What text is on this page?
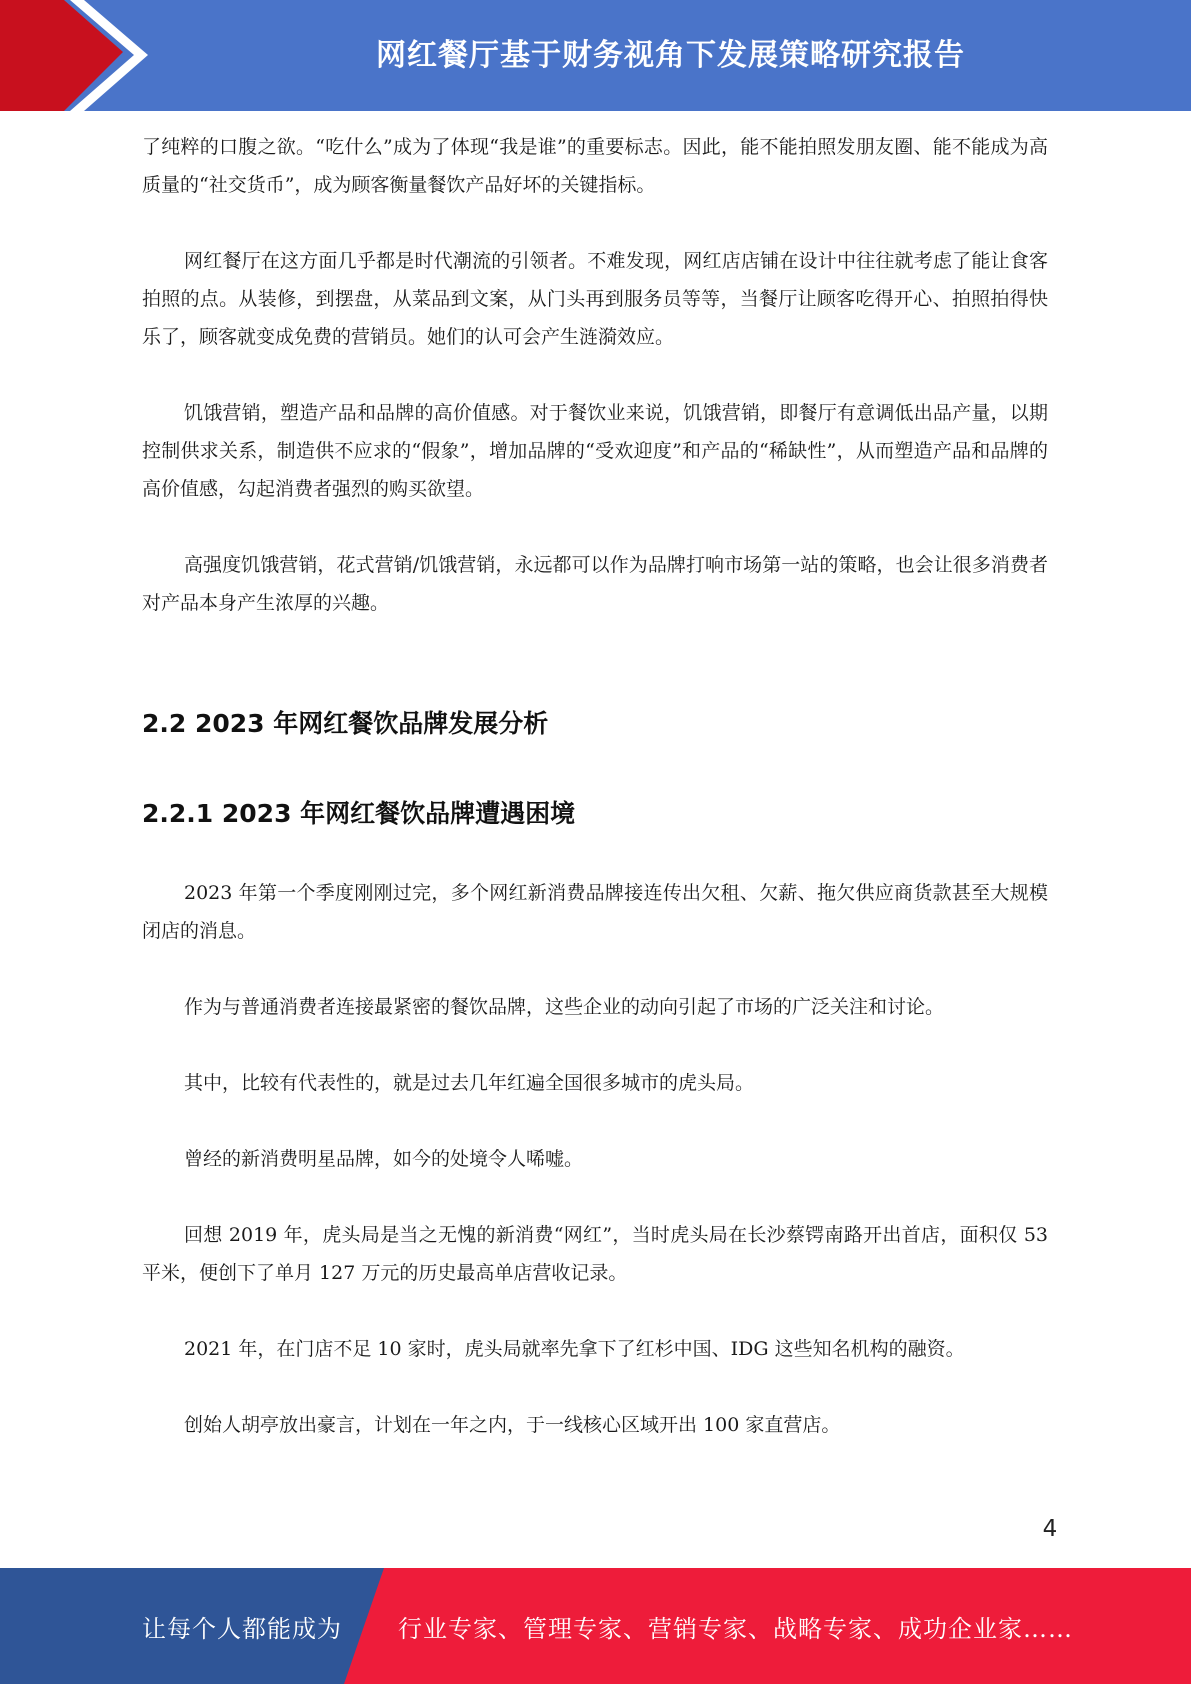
网红餐厅基于财务视角下发展策略研究报告

了纯粹的口腹之欲。“吃什么”成为了体现“我是谁”的重要标志。因此，能不能拍照发朋友圈、能不能成为高质量的“社交货币”，成为顾客衡量餐饮产品好坏的关键指标。

网红餐厅在这方面几乎都是时代潮流的引领者。不难发现，网红店店铺在设计中往往就考虑了能让食客拍照的点。从装修，到摆盘，从菜品到文案，从门头再到服务员等等，当餐厅让顾客吃得开心、拍照拍得快乐了，顾客就变成免费的营销员。她们的认可会产生涟漪效应。

饥饿营销，塑造产品和品牌的高价值感。对于餐饮业来说，饥饿营销，即餐厅有意调低出品产量，以期控制供求关系，制造供不应求的“假象”，增加品牌的“受欢迎度”和产品的“稀缺性”，从而塑造产品和品牌的高价值感，勾起消费者强烈的购买欲望。

高强度饥饿营销，花式营销/饥饿营销，永远都可以作为品牌打响市场第一站的策略，也会让很多消费者对产品本身产生浓厚的兴趣。

2.2 2023 年网红餐饮品牌发展分析
2.2.1 2023 年网红餐饮品牌遭遇困境

2023 年第一个季度刚刚过完，多个网红新消费品牌接连传出欠租、欠薪、拖欠供应商货款甚至大规模闭店的消息。

作为与普通消费者连接最紧密的餐饮品牌，这些企业的动向引起了市场的广泛关注和讨论。

其中，比较有代表性的，就是过去几年红遍全国很多城市的虎头局。

曾经的新消费明星品牌，如今的处境令人唏嘘。

回想 2019 年，虎头局是当之无愧的新消费“网红”，当时虎头局在长沙蔡锷南路开出首店，面积仅 53 平米，便创下了单月 127 万元的历史最高单店营收记录。

2021 年，在门店不足 10 家时，虎头局就率先拿下了红杉中国、IDG 这些知名机构的融资。

创始人胡亭放出豪言，计划在一年之内，于一线核心区域开出 100 家直营店。

4
让每个人都能成为 行业专家、管理专家、营销专家、战略专家、成功企业家……
